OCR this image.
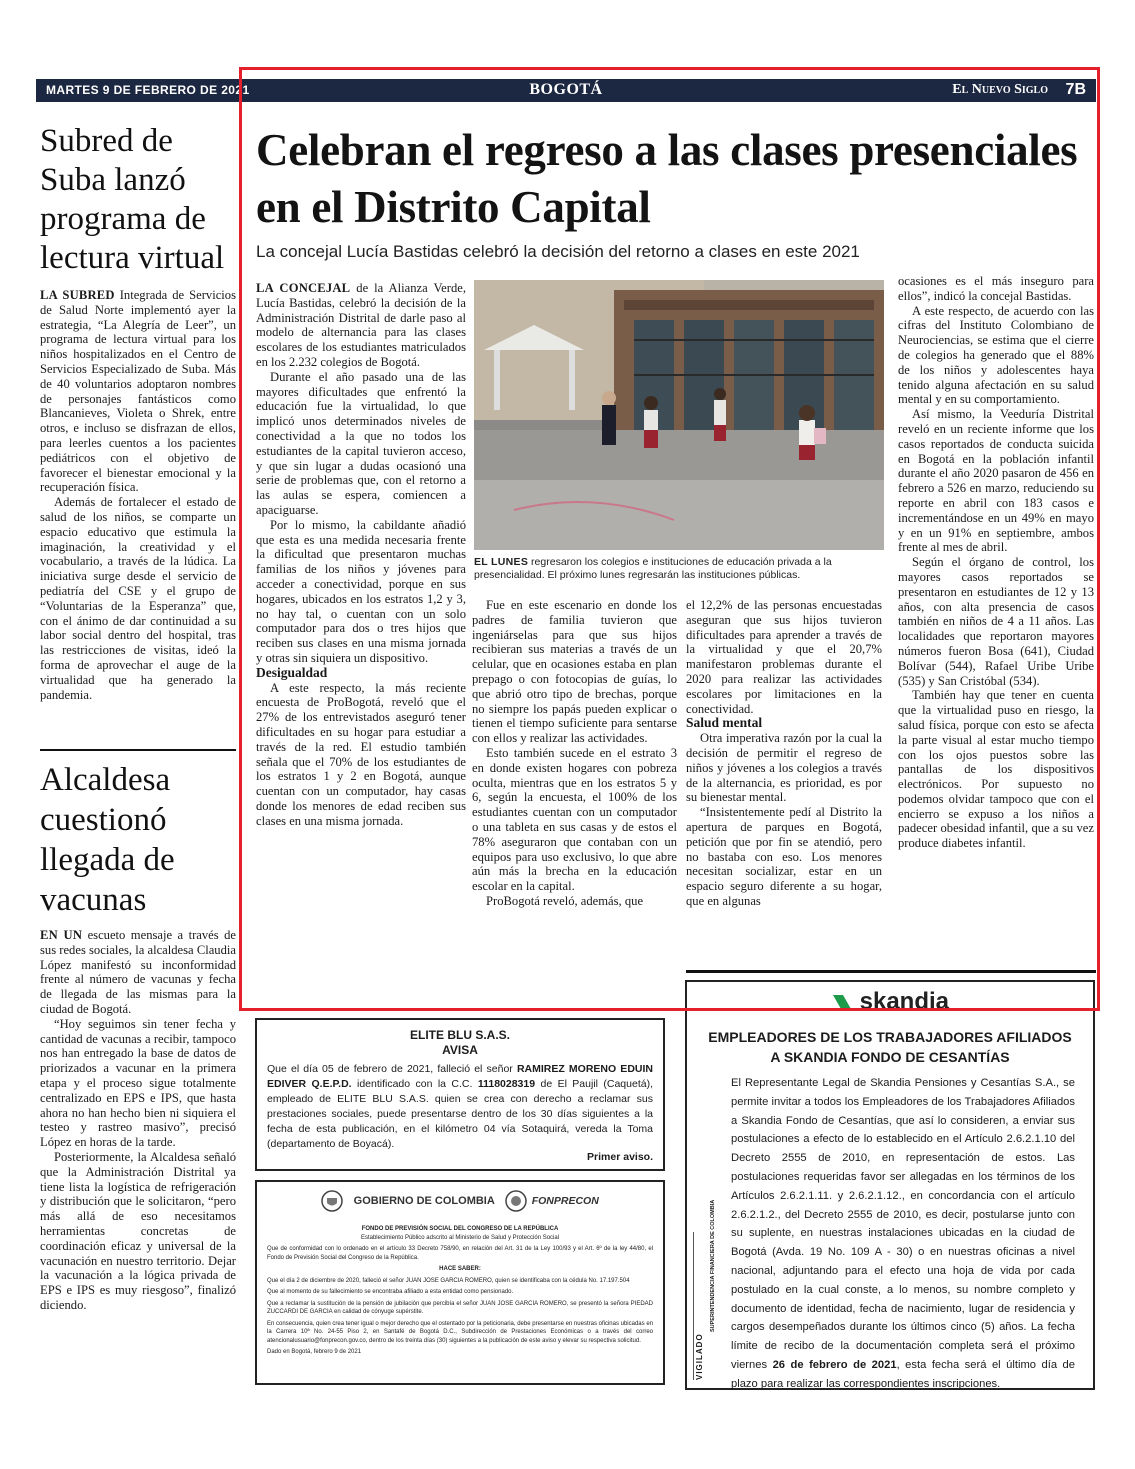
MARTES 9 DE FEBRERO DE 2021	BOGOTÁ	El Nuevo Siglo 7B
Subred de Suba lanzó programa de lectura virtual

LA SUBRED Integrada de Servicios de Salud Norte implementó ayer la estrategia, “La Alegría de Leer”, un programa de lectura virtual para los niños hospitalizados en el Centro de Servicios Especializado de Suba. Más de 40 voluntarios adoptaron nombres de personajes fantásticos como Blancanieves, Violeta o Shrek, entre otros, e incluso se disfrazan de ellos, para leerles cuentos a los pacientes pediátricos con el objetivo de favorecer el bienestar emocional y la recuperación física.

Además de fortalecer el estado de salud de los niños, se comparte un espacio educativo que estimula la imaginación, la creatividad y el vocabulario, a través de la lúdica. La iniciativa surge desde el servicio de pediatría del CSE y el grupo de “Voluntarias de la Esperanza” que, con el ánimo de dar continuidad a su labor social dentro del hospital, tras las restricciones de visitas, ideó la forma de aprovechar el auge de la virtualidad que ha generado la pandemia.

Alcaldesa cuestionó llegada de vacunas

EN UN escueto mensaje a través de sus redes sociales, la alcaldesa Claudia López manifestó su inconformidad frente al número de vacunas y fecha de llegada de las mismas para la ciudad de Bogotá.

“Hoy seguimos sin tener fecha y cantidad de vacunas a recibir, tampoco nos han entregado la base de datos de priorizados a vacunar en la primera etapa y el proceso sigue totalmente centralizado en EPS e IPS, que hasta ahora no han hecho bien ni siquiera el testeo y rastreo masivo”, precisó López en horas de la tarde.

Posteriormente, la Alcaldesa señaló que la Administración Distrital ya tiene lista la logística de refrigeración y distribución que le solicitaron, “pero más allá de eso necesitamos herramientas concretas de coordinación eficaz y universal de la vacunación en nuestro territorio. Dejar la vacunación a la lógica privada de EPS e IPS es muy riesgoso”, finalizó diciendo.

Celebran el regreso a las clases presenciales en el Distrito Capital
La concejal Lucía Bastidas celebró la decisión del retorno a clases en este 2021

LA CONCEJAL de la Alianza Verde, Lucía Bastidas, celebró la decisión de la Administración Distrital de darle paso al modelo de alternancia para las clases escolares de los estudiantes matriculados en los 2.232 colegios de Bogotá.

Durante el año pasado una de las mayores dificultades que enfrentó la educación fue la virtualidad, lo que implicó unos determinados niveles de conectividad a la que no todos los estudiantes de la capital tuvieron acceso, y que sin lugar a dudas ocasionó una serie de problemas que, con el retorno a las aulas se espera, comiencen a apaciguarse.

Por lo mismo, la cabildante añadió que esta es una medida necesaria frente la dificultad que presentaron muchas familias de los niños y jóvenes para acceder a conectividad, porque en sus hogares, ubicados en los estratos 1,2 y 3, no hay tal, o cuentan con un solo computador para dos o tres hijos que reciben sus clases en una misma jornada y otras sin siquiera un dispositivo.

Desigualdad

A este respecto, la más reciente encuesta de ProBogotá, reveló que el 27% de los entrevistados aseguró tener dificultades en su hogar para estudiar a través de la red. El estudio también señala que el 70% de los estudiantes de los estratos 1 y 2 en Bogotá, aunque cuentan con un computador, hay casas donde los menores de edad reciben sus clases en una misma jornada.

EL LUNES regresaron los colegios e instituciones de educación privada a la presencialidad. El próximo lunes regresarán las instituciones públicas.

Fue en este escenario en donde los padres de familia tuvieron que ingeniárselas para que sus hijos recibieran sus materias a través de un celular, que en ocasiones estaba en plan prepago o con fotocopias de guías, lo que abrió otro tipo de brechas, porque no siempre los papás pueden explicar o tienen el tiempo suficiente para sentarse con ellos y realizar las actividades.

Esto también sucede en el estrato 3 en donde existen hogares con pobreza oculta, mientras que en los estratos 5 y 6, según la encuesta, el 100% de los estudiantes cuentan con un computador o una tableta en sus casas y de estos el 78% aseguraron que contaban con un equipos para uso exclusivo, lo que abre aún más la brecha en la educación escolar en la capital.

ProBogotá reveló, además, que

el 12,2% de las personas encuestadas aseguran que sus hijos tuvieron dificultades para aprender a través de la virtualidad y que el 20,7% manifestaron problemas durante el 2020 para realizar las actividades escolares por limitaciones en la conectividad.

Salud mental

Otra imperativa razón por la cual la decisión de permitir el regreso de niños y jóvenes a los colegios a través de la alternancia, es prioridad, es por su bienestar mental.

“Insistentemente pedí al Distrito la apertura de parques en Bogotá, petición que por fin se atendió, pero no bastaba con eso. Los menores necesitan socializar, estar en un espacio seguro diferente a su hogar, que en algunas

ocasiones es el más inseguro para ellos”, indicó la concejal Bastidas.

A este respecto, de acuerdo con las cifras del Instituto Colombiano de Neurociencias, se estima que el cierre de colegios ha generado que el 88% de los niños y adolescentes haya tenido alguna afectación en su salud mental y en su comportamiento.

Así mismo, la Veeduría Distrital reveló en un reciente informe que los casos reportados de conducta suicida en Bogotá en la población infantil durante el año 2020 pasaron de 456 en febrero a 526 en marzo, reduciendo su reporte en abril con 183 casos e incrementándose en un 49% en mayo y en un 91% en septiembre, ambos frente al mes de abril.

Según el órgano de control, los mayores casos reportados se presentaron en estudiantes de 12 y 13 años, con alta presencia de casos también en niños de 4 a 11 años. Las localidades que reportaron mayores números fueron Bosa (641), Ciudad Bolívar (544), Rafael Uribe Uribe (535) y San Cristóbal (534).

También hay que tener en cuenta que la virtualidad puso en riesgo, la salud física, porque con esto se afecta la parte visual al estar mucho tiempo con los ojos puestos sobre las pantallas de los dispositivos electrónicos. Por supuesto no podemos olvidar tampoco que con el encierro se expuso a los niños a padecer obesidad infantil, que a su vez produce diabetes infantil.

ELITE BLU S.A.S.
AVISA
Que el día 05 de febrero de 2021, falleció el señor RAMIREZ MORENO EDUIN EDIVER Q.E.P.D. identificado con la C.C. 1118028319 de El Paujil (Caquetá), empleado de ELITE BLU S.A.S. quien se crea con derecho a reclamar sus prestaciones sociales, puede presentarse dentro de los 30 días siguientes a la fecha de esta publicación, en el kilómetro 04 vía Sotaquirá, vereda la Toma (departamento de Boyacá).
Primer aviso.
GOBIERNO DE COLOMBIA	FONPRECON
FONDO DE PREVISIÓN SOCIAL DEL CONGRESO DE LA REPÚBLICA
Establecimiento Público adscrito al Ministerio de Salud y Protección Social
Que de conformidad con lo ordenado en el artículo 33 Decreto 758/90, en relación del Art. 31 de la Ley 100/93 y el Art. 6º de la ley 44/80, el Fondo de Previsión Social del Congreso de la República.
HACE SABER:
Que el día 2 de diciembre de 2020, falleció el señor JUAN JOSE GARCIA ROMERO, quien se identificaba con la cédula No. 17.197.504
Que al momento de su fallecimiento se encontraba afiliado a esta entidad como pensionado.
Que a reclamar la sustitución de la pensión de jubilación que percibía el señor JUAN JOSE GARCIA ROMERO, se presentó la señora PIEDAD ZUCCARDI DE GARCIA en calidad de cónyuge supérstite.
En consecuencia, quien crea tener igual o mejor derecho que el ostentado por la peticionaria, debe presentarse en nuestras oficinas ubicadas en la Carrera 10ª No. 24-55 Piso 2, en Santafé de Bogotá D.C., Subdirección de Prestaciones Económicas o a través del correo atencionalusuario@fonprecon.gov.co, dentro de los treinta días (30) siguientes a la publicación de este aviso y elevar su respectiva solicitud.
Dado en Bogotá, febrero 9 de 2021
skandia
EMPLEADORES DE LOS TRABAJADORES AFILIADOS A SKANDIA FONDO DE CESANTÍAS
El Representante Legal de Skandia Pensiones y Cesantías S.A., se permite invitar a todos los Empleadores de los Trabajadores Afiliados a Skandia Fondo de Cesantías, que así lo consideren, a enviar sus postulaciones a efecto de lo establecido en el Artículo 2.6.2.1.10 del Decreto 2555 de 2010, en representación de estos. Las postulaciones requeridas favor ser allegadas en los términos de los Artículos 2.6.2.1.11. y 2.6.2.1.12., en concordancia con el artículo 2.6.2.1.2., del Decreto 2555 de 2010, es decir, postularse junto con su suplente, en nuestras instalaciones ubicadas en la ciudad de Bogotá (Avda. 19 No. 109 A - 30) o en nuestras oficinas a nivel nacional, adjuntando para el efecto una hoja de vida por cada postulado en la cual conste, a lo menos, su nombre completo y documento de identidad, fecha de nacimiento, lugar de residencia y cargos desempeñados durante los últimos cinco (5) años. La fecha límite de recibo de la documentación completa será el próximo viernes 26 de febrero de 2021, esta fecha será el último día de plazo para realizar las correspondientes inscripciones.
VIGILADO
SUPERINTENDENCIA FINANCIERA DE COLOMBIA
